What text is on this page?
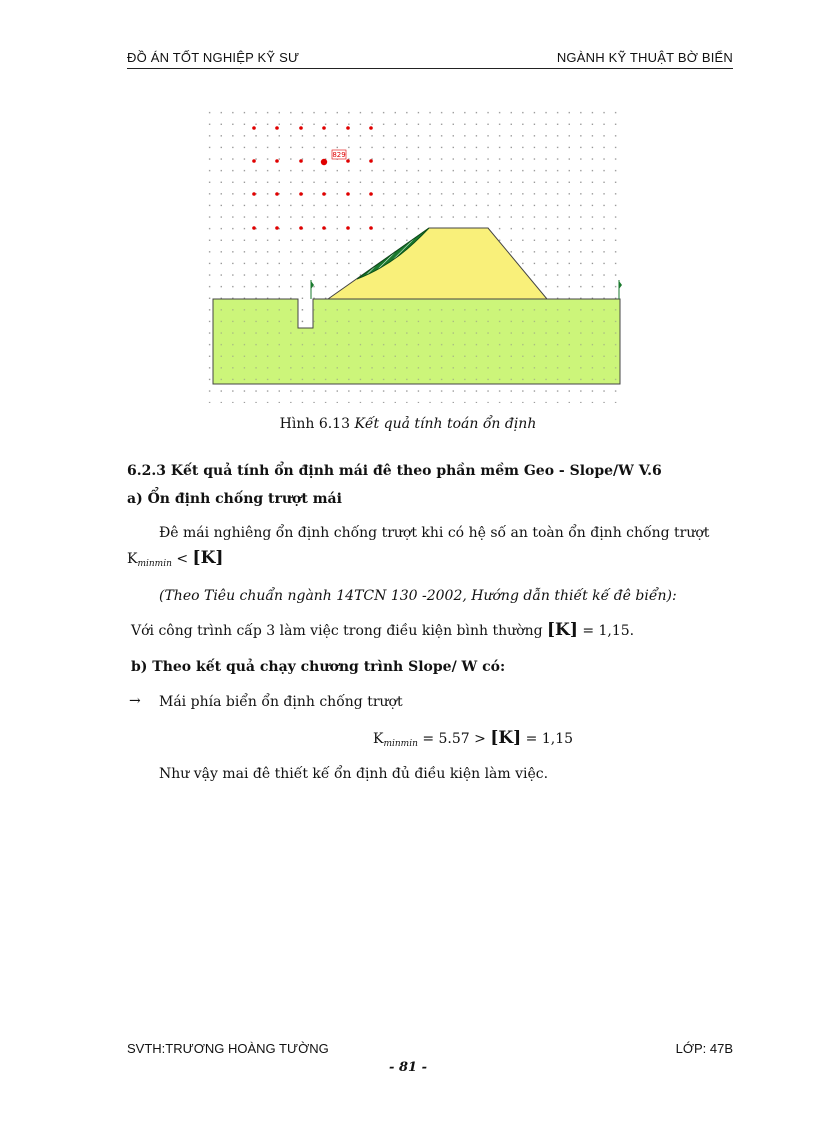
ĐỒ ÁN TỐT NGHIỆP KỸ SƯ	NGÀNH KỸ THUẬT BỜ BIỂN
829
Hình 6.13 Kết quả tính toán ổn định
6.2.3 Kết quả tính ổn định mái đê theo phần mềm Geo - Slope/W V.6
a) Ổn định chống trượt mái
Đê mái nghiêng ổn định chống trượt khi có hệ số an toàn ổn định chống trượt
$K_{minmin} < [K]$
(Theo Tiêu chuẩn ngành 14TCN 130 -2002, Hướng dẫn thiết kế đê biển):
Với công trình cấp 3 làm việc trong điều kiện bình thường [K] = 1,15.
b) Theo kết quả chạy chương trình Slope/ W có:
→ Mái phía biển ổn định chống trượt
$K_{minmin} = 5.57 > [K] = 1,15$
Như vậy mai đê thiết kế ổn định đủ điều kiện làm việc.
SVTH:TRƯƠNG HOÀNG TƯỜNG	LỚP: 47B
- 81 -
